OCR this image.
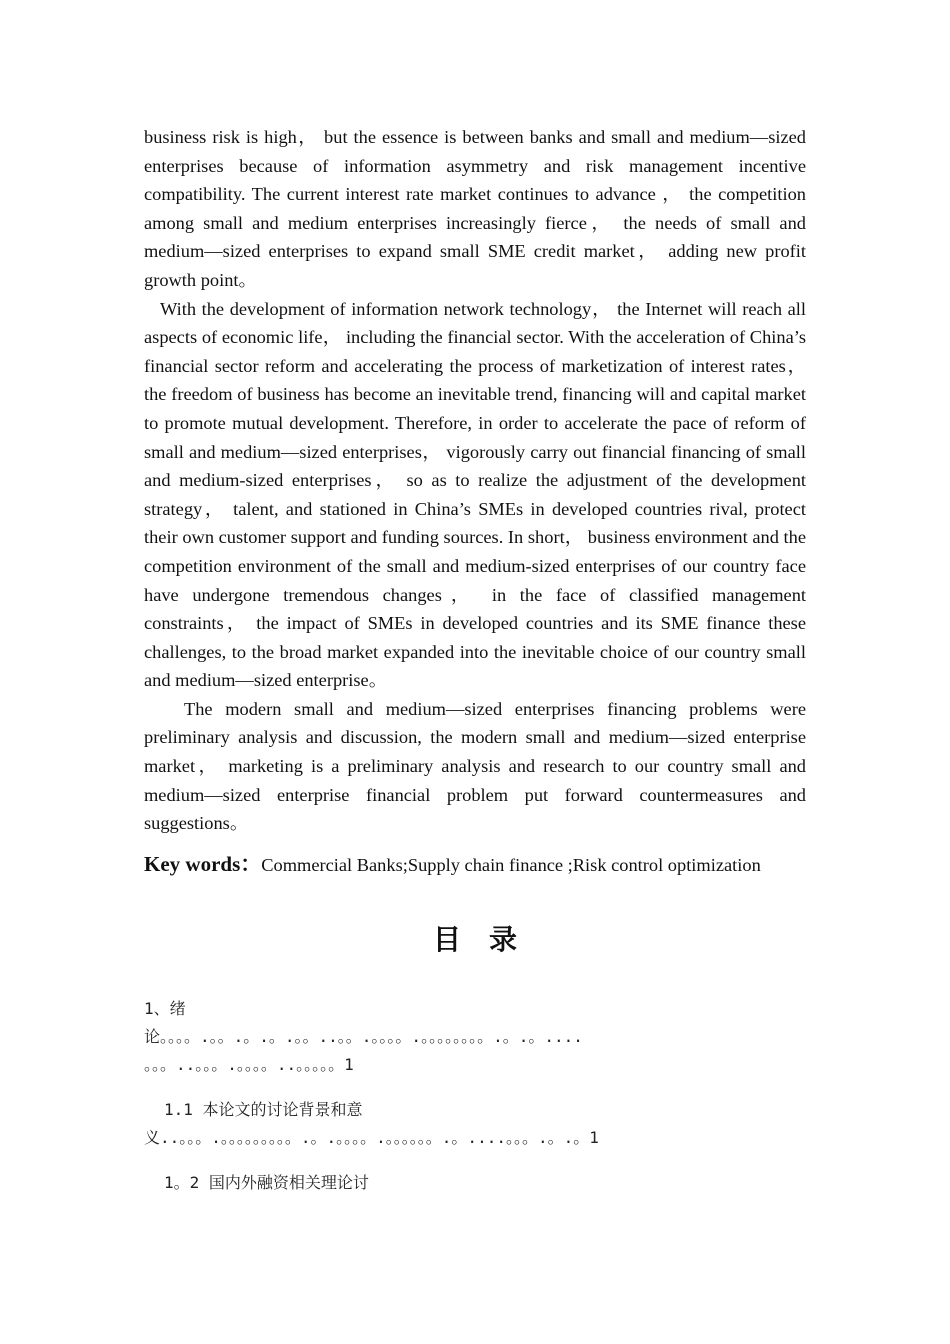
business risk is high， but the essence is between banks and small and medium—sized enterprises because of information asymmetry and risk management incentive compatibility. The current interest rate market continues to advance ， the competition among small and medium enterprises increasingly fierce， the needs of small and medium—sized enterprises to expand small SME credit market， adding new profit growth point。

With the development of information network technology， the Internet will reach all aspects of economic life， including the financial sector. With the acceleration of China’s financial sector reform and accelerating the process of marketization of interest rates， the freedom of business has become an inevitable trend, financing will and capital market to promote mutual development. Therefore, in order to accelerate the pace of reform of small and medium—sized enterprises， vigorously carry out financial financing of small and medium-sized enterprises， so as to realize the adjustment of the development strategy， talent, and stationed in China’s SMEs in developed countries rival, protect their own customer support and funding sources. In short， business environment and the competition environment of the small and medium-sized enterprises of our country face have undergone tremendous changes， in the face of classified management constraints， the impact of SMEs in developed countries and its SME finance these challenges, to the broad market expanded into the inevitable choice of our country small and medium—sized enterprise。

The modern small and medium—sized enterprises financing problems were preliminary analysis and discussion, the modern small and medium—sized enterprise market， marketing is a preliminary analysis and research to our country small and medium—sized enterprise financial problem put forward countermeasures and suggestions。

Key words：Commercial Banks;Supply chain finance ;Risk control optimization
目录
1、绪
论。。。。.。。.。.。.。。..。。.。。。。.。。。。。。。。.。.。....
。。。..。。。.。。。。..。。。。。1
1.1 本论文的讨论背景和意
义..。。。.。。。。。。。。。.。.。。。。.。。。。。。.。....。。。.。.。1
1。2 国内外融资相关理论讨
